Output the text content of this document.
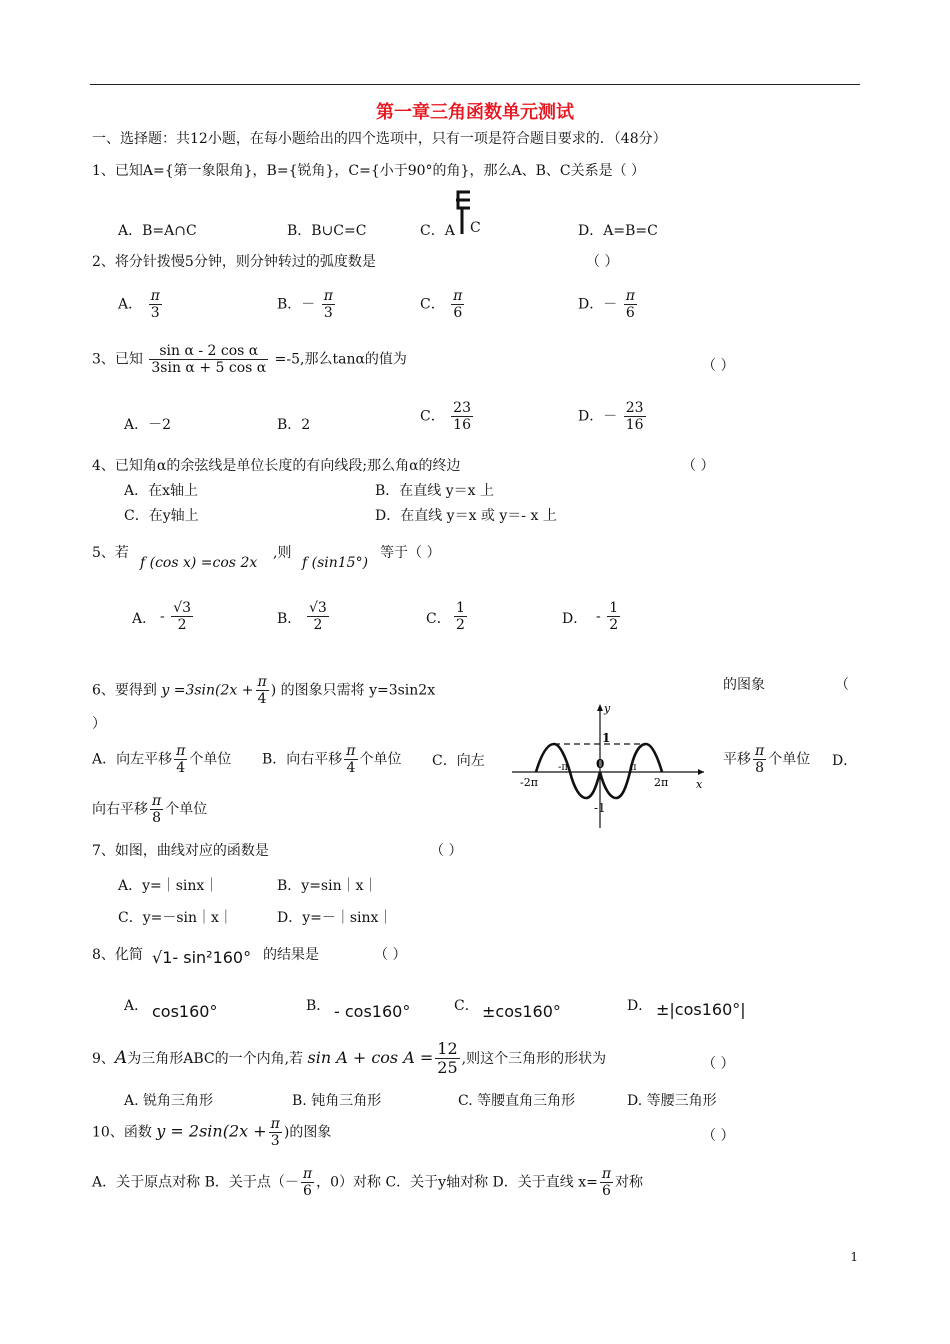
第一章三角函数单元测试
一、选择题：共12小题，在每小题给出的四个选项中，只有一项是符合题目要求的．（48分）
1、已知A={第一象限角}，B={锐角}，C={小于90°的角}，那么A、B、C关系是（ ）
A．B=A∩C	B．B∪C=C	C．A C	D．A=B=C
2、将分针拨慢5分钟，则分钟转过的弧度数是	（ ）
A． $\frac{\pi}{3}$	B．－ $\frac{\pi}{3}$	C． $\frac{\pi}{6}$	D．－ $\frac{\pi}{6}$
3、已知 $\frac{\text{sin α - 2 cos α}}{\text{3sin α + 5 cos α}} =-5$,那么tanα的值为	（ ）
A．－2	B．2
C． $\frac{23}{16}$	D．－ $\frac{23}{16}$
4、已知角α的余弦线是单位长度的有向线段;那么角α的终边	（ ）
A．在x轴上	B．在直线 y＝x 上
C．在y轴上	D．在直线 y＝x 或 y＝- x 上
5、若
f (cos x) =cos 2x
,则
f (sin15°)
等于（ ）
A． - $\frac{√3}{2}$	B． $\frac{√3}{2}$	C． $\frac{1}{2}$	D． - $\frac{1}{2}$
6、要得到 $y =3\sin(2x + \frac{\pi}{4}$ ) 的图象只需将 y=3sin2x	的图象	（
）
A．向左平移 $\frac{\pi}{4}$ 个单位 B．向右平移 $\frac{\pi}{4}$ 个单位 C．向左	平移 $\frac{\pi}{8}$ 个单位 D．
向右平移 $\frac{\pi}{8}$ 个单位
y
x
1
-1
0
-2π
-π	π
2π
7、如图，曲线对应的函数是	（ ）
A．y=｜sinx｜	B．y=sin｜x｜
C．y=－sin｜x｜	D．y=－｜sinx｜
8、化简 √1- sin²160° 的结果是	（ ）
A． cos160°	B． - cos160°	C． ±cos160°	D． ±|cos160°|
9、A为三角形ABC的一个内角,若 $\sin A + \cos A = \frac{12}{25}$ ,则这个三角形的形状为	（ ）
A. 锐角三角形	B. 钝角三角形	C. 等腰直角三角形	D. 等腰三角形
10、函数 $y = 2\sin(2x + \frac{\pi}{3}$ )的图象	（ ）
A．关于原点对称 B．关于点（－ $\frac{\pi}{6}$ ，0）对称 C．关于y轴对称 D．关于直线 $x= \frac{\pi}{6}$ 对称
1
